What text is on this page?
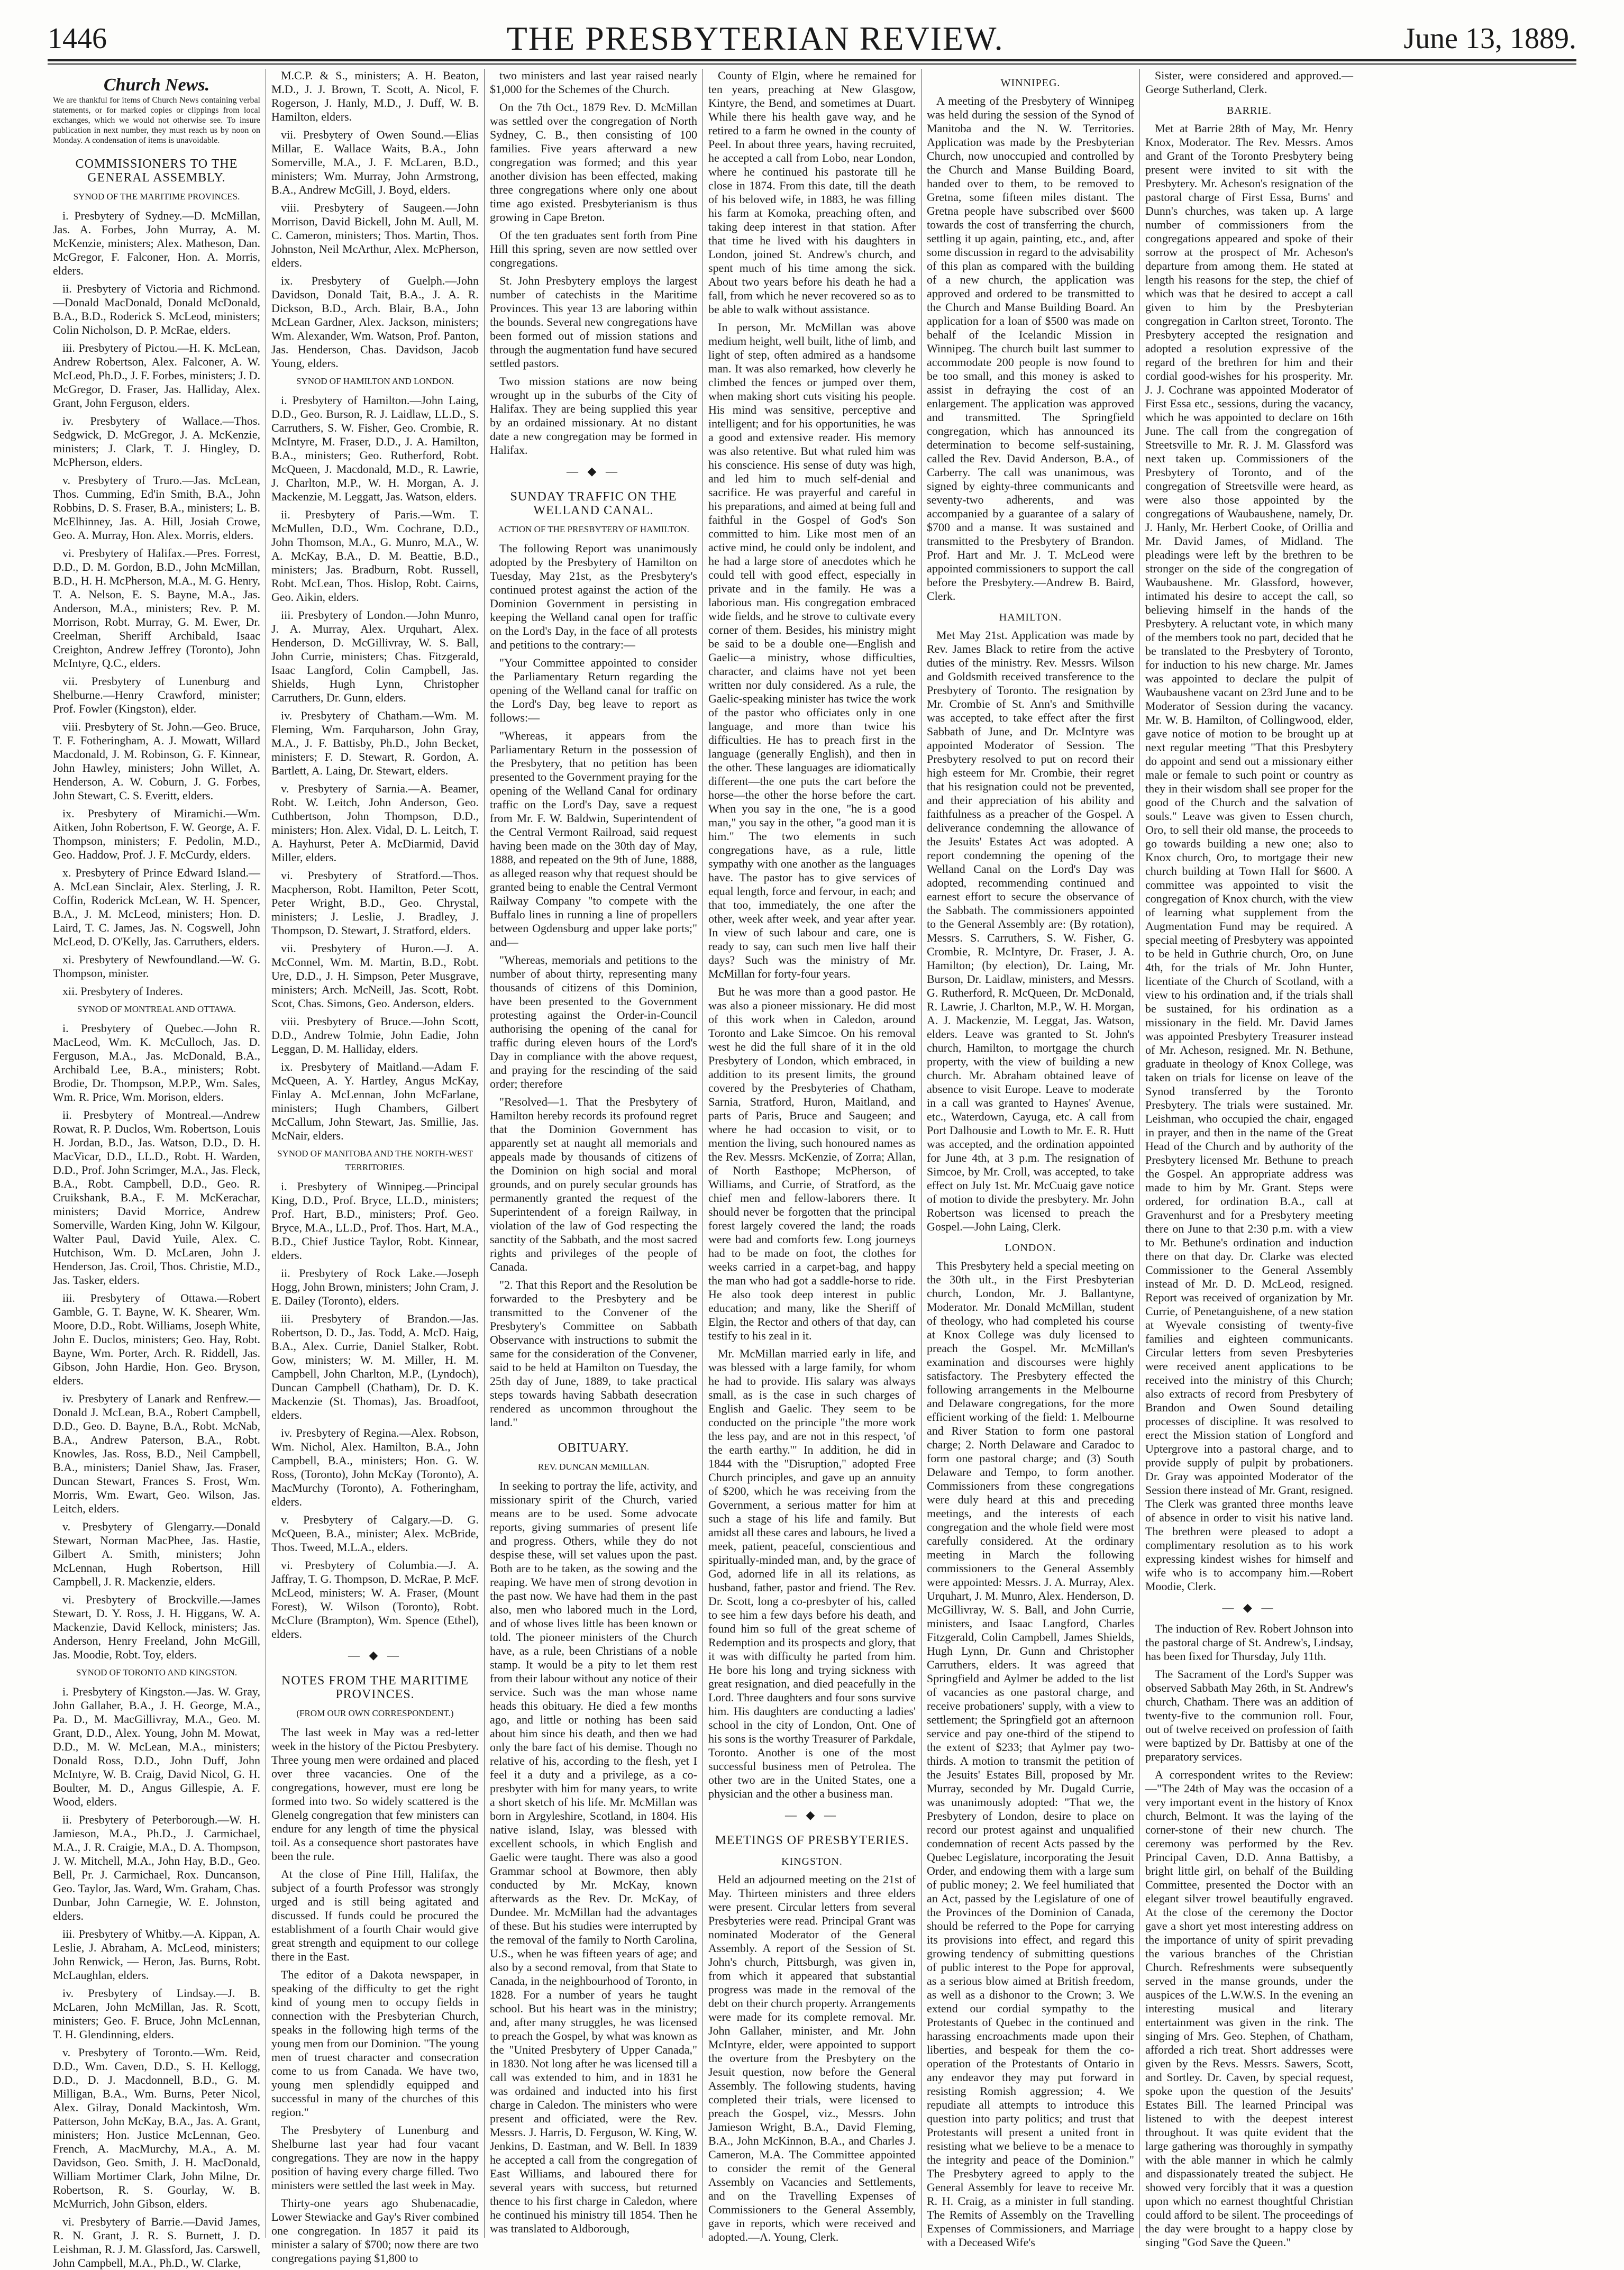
1446	THE PRESBYTERIAN REVIEW.	June 13, 1889.
Church News.
We are thankful for items of Church News containing verbal statements, or for marked copies or clippings from local exchanges, which we would not otherwise see. To insure publication in next number, they must reach us by noon on Monday. A condensation of items is unavoidable.
COMMISSIONERS TO THE GENERAL ASSEMBLY.
SYNOD OF THE MARITIME PROVINCES.

i. Presbytery of Sydney.—D. McMillan, Jas. A. Forbes, John Murray, A. M. McKenzie, ministers; Alex. Matheson, Dan. McGregor, F. Falconer, Hon. A. Morris, elders.

ii. Presbytery of Victoria and Richmond.—Donald MacDonald, Donald McDonald, B.A., B.D., Roderick S. McLeod, ministers; Colin Nicholson, D. P. McRae, elders.

iii. Presbytery of Pictou.—H. K. McLean, Andrew Robertson, Alex. Falconer, A. W. McLeod, Ph.D., J. F. Forbes, ministers; J. D. McGregor, D. Fraser, Jas. Halliday, Alex. Grant, John Ferguson, elders.

iv. Presbytery of Wallace.—Thos. Sedgwick, D. McGregor, J. A. McKenzie, ministers; J. Clark, T. J. Hingley, D. McPherson, elders.

v. Presbytery of Truro.—Jas. McLean, Thos. Cumming, Ed'in Smith, B.A., John Robbins, D. S. Fraser, B.A., ministers; L. B. McElhinney, Jas. A. Hill, Josiah Crowe, Geo. A. Murray, Hon. Alex. Morris, elders.

vi. Presbytery of Halifax.—Pres. Forrest, D.D., D. M. Gordon, B.D., John McMillan, B.D., H. H. McPherson, M.A., M. G. Henry, T. A. Nelson, E. S. Bayne, M.A., Jas. Anderson, M.A., ministers; Rev. P. M. Morrison, Robt. Murray, G. M. Ewer, Dr. Creelman, Sheriff Archibald, Isaac Creighton, Andrew Jeffrey (Toronto), John McIntyre, Q.C., elders.

vii. Presbytery of Lunenburg and Shelburne.—Henry Crawford, minister; Prof. Fowler (Kingston), elder.

viii. Presbytery of St. John.—Geo. Bruce, T. F. Fotheringham, A. J. Mowatt, Willard Macdonald, J. M. Robinson, G. F. Kinnear, John Hawley, ministers; John Willet, A. Henderson, A. W. Coburn, J. G. Forbes, John Stewart, C. S. Everitt, elders.

ix. Presbytery of Miramichi.—Wm. Aitken, John Robertson, F. W. George, A. F. Thompson, ministers; F. Pedolin, M.D., Geo. Haddow, Prof. J. F. McCurdy, elders.

x. Presbytery of Prince Edward Island.—A. McLean Sinclair, Alex. Sterling, J. R. Coffin, Roderick McLean, W. H. Spencer, B.A., J. M. McLeod, ministers; Hon. D. Laird, T. C. James, Jas. N. Cogswell, John McLeod, D. O'Kelly, Jas. Carruthers, elders.

xi. Presbytery of Newfoundland.—W. G. Thompson, minister.

xii. Presbytery of Inderes.

SYNOD OF MONTREAL AND OTTAWA.

i. Presbytery of Quebec.—John R. MacLeod, Wm. K. McCulloch, Jas. D. Ferguson, M.A., Jas. McDonald, B.A., Archibald Lee, B.A., ministers; Robt. Brodie, Dr. Thompson, M.P.P., Wm. Sales, Wm. R. Price, Wm. Morison, elders.

ii. Presbytery of Montreal.—Andrew Rowat, R. P. Duclos, Wm. Robertson, Louis H. Jordan, B.D., Jas. Watson, D.D., D. H. MacVicar, D.D., LL.D., Robt. H. Warden, D.D., Prof. John Scrimger, M.A., Jas. Fleck, B.A., Robt. Campbell, D.D., Geo. R. Cruikshank, B.A., F. M. McKerachar, ministers; David Morrice, Andrew Somerville, Warden King, John W. Kilgour, Walter Paul, David Yuile, Alex. C. Hutchison, Wm. D. McLaren, John J. Henderson, Jas. Croil, Thos. Christie, M.D., Jas. Tasker, elders.

iii. Presbytery of Ottawa.—Robert Gamble, G. T. Bayne, W. K. Shearer, Wm. Moore, D.D., Robt. Williams, Joseph White, John E. Duclos, ministers; Geo. Hay, Robt. Bayne, Wm. Porter, Arch. R. Riddell, Jas. Gibson, John Hardie, Hon. Geo. Bryson, elders.

iv. Presbytery of Lanark and Renfrew.—Donald J. McLean, B.A., Robert Campbell, D.D., Geo. D. Bayne, B.A., Robt. McNab, B.A., Andrew Paterson, B.A., Robt. Knowles, Jas. Ross, B.D., Neil Campbell, B.A., ministers; Daniel Shaw, Jas. Fraser, Duncan Stewart, Frances S. Frost, Wm. Morris, Wm. Ewart, Geo. Wilson, Jas. Leitch, elders.

v. Presbytery of Glengarry.—Donald Stewart, Norman MacPhee, Jas. Hastie, Gilbert A. Smith, ministers; John McLennan, Hugh Robertson, Hill Campbell, J. R. Mackenzie, elders.

vi. Presbytery of Brockville.—James Stewart, D. Y. Ross, J. H. Higgans, W. A. Mackenzie, David Kellock, ministers; Jas. Anderson, Henry Freeland, John McGill, Jas. Moodie, Robt. Toy, elders.

SYNOD OF TORONTO AND KINGSTON.

i. Presbytery of Kingston.—Jas. W. Gray, John Gallaher, B.A., J. H. George, M.A., Pa. D., M. MacGillivray, M.A., Geo. M. Grant, D.D., Alex. Young, John M. Mowat, D.D., M. W. McLean, M.A., ministers; Donald Ross, D.D., John Duff, John McIntyre, W. B. Craig, David Nicol, G. H. Boulter, M. D., Angus Gillespie, A. F. Wood, elders.

ii. Presbytery of Peterborough.—W. H. Jamieson, M.A., Ph.D., J. Carmichael, M.A., J. R. Craigie, M.A., D. A. Thompson, J. W. Mitchell, M.A., John Hay, B.D., Geo. Bell, Pr. J. Carmichael, Rox. Duncanson, Geo. Taylor, Jas. Ward, Wm. Graham, Chas. Dunbar, John Carnegie, W. E. Johnston, elders.

iii. Presbytery of Whitby.—A. Kippan, A. Leslie, J. Abraham, A. McLeod, ministers; John Renwick, — Heron, Jas. Burns, Robt. McLaughlan, elders.

iv. Presbytery of Lindsay.—J. B. McLaren, John McMillan, Jas. R. Scott, ministers; Geo. F. Bruce, John McLennan, T. H. Glendinning, elders.

v. Presbytery of Toronto.—Wm. Reid, D.D., Wm. Caven, D.D., S. H. Kellogg, D.D., D. J. Macdonnell, B.D., G. M. Milligan, B.A., Wm. Burns, Peter Nicol, Alex. Gilray, Donald Mackintosh, Wm. Patterson, John McKay, B.A., Jas. A. Grant, ministers; Hon. Justice McLennan, Geo. French, A. MacMurchy, M.A., A. M. Davidson, Geo. Smith, J. H. MacDonald, William Mortimer Clark, John Milne, Dr. Robertson, R. S. Gourlay, W. B. McMurrich, John Gibson, elders.

vi. Presbytery of Barrie.—David James, R. N. Grant, J. R. S. Burnett, J. D. Leishman, R. J. M. Glassford, Jas. Carswell, John Campbell, M.A., Ph.D., W. Clarke,

M.C.P. & S., ministers; A. H. Beaton, M.D., J. J. Brown, T. Scott, A. Nicol, F. Rogerson, J. Hanly, M.D., J. Duff, W. B. Hamilton, elders.

vii. Presbytery of Owen Sound.—Elias Millar, E. Wallace Waits, B.A., John Somerville, M.A., J. F. McLaren, B.D., ministers; Wm. Murray, John Armstrong, B.A., Andrew McGill, J. Boyd, elders.

viii. Presbytery of Saugeen.—John Morrison, David Bickell, John M. Aull, M. C. Cameron, ministers; Thos. Martin, Thos. Johnston, Neil McArthur, Alex. McPherson, elders.

ix. Presbytery of Guelph.—John Davidson, Donald Tait, B.A., J. A. R. Dickson, B.D., Arch. Blair, B.A., John McLean Gardner, Alex. Jackson, ministers; Wm. Alexander, Wm. Watson, Prof. Panton, Jas. Henderson, Chas. Davidson, Jacob Young, elders.

SYNOD OF HAMILTON AND LONDON.

i. Presbytery of Hamilton.—John Laing, D.D., Geo. Burson, R. J. Laidlaw, LL.D., S. Carruthers, S. W. Fisher, Geo. Crombie, R. McIntyre, M. Fraser, D.D., J. A. Hamilton, B.A., ministers; Geo. Rutherford, Robt. McQueen, J. Macdonald, M.D., R. Lawrie, J. Charlton, M.P., W. H. Morgan, A. J. Mackenzie, M. Leggatt, Jas. Watson, elders.

ii. Presbytery of Paris.—Wm. T. McMullen, D.D., Wm. Cochrane, D.D., John Thomson, M.A., G. Munro, M.A., W. A. McKay, B.A., D. M. Beattie, B.D., ministers; Jas. Bradburn, Robt. Russell, Robt. McLean, Thos. Hislop, Robt. Cairns, Geo. Aikin, elders.

iii. Presbytery of London.—John Munro, J. A. Murray, Alex. Urquhart, Alex. Henderson, D. McGillivray, W. S. Ball, John Currie, ministers; Chas. Fitzgerald, Isaac Langford, Colin Campbell, Jas. Shields, Hugh Lynn, Christopher Carruthers, Dr. Gunn, elders.

iv. Presbytery of Chatham.—Wm. M. Fleming, Wm. Farquharson, John Gray, M.A., J. F. Battisby, Ph.D., John Becket, ministers; F. D. Stewart, R. Gordon, A. Bartlett, A. Laing, Dr. Stewart, elders.

v. Presbytery of Sarnia.—A. Beamer, Robt. W. Leitch, John Anderson, Geo. Cuthbertson, John Thompson, D.D., ministers; Hon. Alex. Vidal, D. L. Leitch, T. A. Hayhurst, Peter A. McDiarmid, David Miller, elders.

vi. Presbytery of Stratford.—Thos. Macpherson, Robt. Hamilton, Peter Scott, Peter Wright, B.D., Geo. Chrystal, ministers; J. Leslie, J. Bradley, J. Thompson, D. Stewart, J. Stratford, elders.

vii. Presbytery of Huron.—J. A. McConnel, Wm. M. Martin, B.D., Robt. Ure, D.D., J. H. Simpson, Peter Musgrave, ministers; Arch. McNeill, Jas. Scott, Robt. Scot, Chas. Simons, Geo. Anderson, elders.

viii. Presbytery of Bruce.—John Scott, D.D., Andrew Tolmie, John Eadie, John Leggan, D. M. Halliday, elders.

ix. Presbytery of Maitland.—Adam F. McQueen, A. Y. Hartley, Angus McKay, Finlay A. McLennan, John McFarlane, ministers; Hugh Chambers, Gilbert McCallum, John Stewart, Jas. Smillie, Jas. McNair, elders.

SYNOD OF MANITOBA AND THE NORTH-WEST TERRITORIES.

i. Presbytery of Winnipeg.—Principal King, D.D., Prof. Bryce, LL.D., ministers; Prof. Hart, B.D., ministers; Prof. Geo. Bryce, M.A., LL.D., Prof. Thos. Hart, M.A., B.D., Chief Justice Taylor, Robt. Kinnear, elders.

ii. Presbytery of Rock Lake.—Joseph Hogg, John Brown, ministers; John Cram, J. E. Dailey (Toronto), elders.

iii. Presbytery of Brandon.—Jas. Robertson, D. D., Jas. Todd, A. McD. Haig, B.A., Alex. Currie, Daniel Stalker, Robt. Gow, ministers; W. M. Miller, H. M. Campbell, John Charlton, M.P., (Lyndoch), Duncan Campbell (Chatham), Dr. D. K. Mackenzie (St. Thomas), Jas. Broadfoot, elders.

iv. Presbytery of Regina.—Alex. Robson, Wm. Nichol, Alex. Hamilton, B.A., John Campbell, B.A., ministers; Hon. G. W. Ross, (Toronto), John McKay (Toronto), A. MacMurchy (Toronto), A. Fotheringham, elders.

v. Presbytery of Calgary.—D. G. McQueen, B.A., minister; Alex. McBride, Thos. Tweed, M.L.A., elders.

vi. Presbytery of Columbia.—J. A. Jaffray, T. G. Thompson, D. McRae, P. McF. McLeod, ministers; W. A. Fraser, (Mount Forest), W. Wilson (Toronto), Robt. McClure (Brampton), Wm. Spence (Ethel), elders.

— ◆ —
NOTES FROM THE MARITIME PROVINCES.
(FROM OUR OWN CORRESPONDENT.)

The last week in May was a red-letter week in the history of the Pictou Presbytery. Three young men were ordained and placed over three vacancies. One of the congregations, however, must ere long be formed into two. So widely scattered is the Glenelg congregation that few ministers can endure for any length of time the physical toil. As a consequence short pastorates have been the rule.

At the close of Pine Hill, Halifax, the subject of a fourth Professor was strongly urged and is still being agitated and discussed. If funds could be procured the establishment of a fourth Chair would give great strength and equipment to our college there in the East.

The editor of a Dakota newspaper, in speaking of the difficulty to get the right kind of young men to occupy fields in connection with the Presbyterian Church, speaks in the following high terms of the young men from our Dominion. "The young men of truest character and consecration come to us from Canada. We have two, young men splendidly equipped and successful in many of the churches of this region."

The Presbytery of Lunenburg and Shelburne last year had four vacant congregations. They are now in the happy position of having every charge filled. Two ministers were settled the last week in May.

Thirty-one years ago Shubenacadie, Lower Stewiacke and Gay's River combined one congregation. In 1857 it paid its minister a salary of $700; now there are two congregations paying $1,800 to

two ministers and last year raised nearly $1,000 for the Schemes of the Church.

On the 7th Oct., 1879 Rev. D. McMillan was settled over the congregation of North Sydney, C. B., then consisting of 100 families. Five years afterward a new congregation was formed; and this year another division has been effected, making three congregations where only one about time ago existed. Presbyterianism is thus growing in Cape Breton.

Of the ten graduates sent forth from Pine Hill this spring, seven are now settled over congregations.

St. John Presbytery employs the largest number of catechists in the Maritime Provinces. This year 13 are laboring within the bounds. Several new congregations have been formed out of mission stations and through the augmentation fund have secured settled pastors.

Two mission stations are now being wrought up in the suburbs of the City of Halifax. They are being supplied this year by an ordained missionary. At no distant date a new congregation may be formed in Halifax.

— ◆ —
SUNDAY TRAFFIC ON THE WELLAND CANAL.
ACTION OF THE PRESBYTERY OF HAMILTON.

The following Report was unanimously adopted by the Presbytery of Hamilton on Tuesday, May 21st, as the Presbytery's continued protest against the action of the Dominion Government in persisting in keeping the Welland canal open for traffic on the Lord's Day, in the face of all protests and petitions to the contrary:—

"Your Committee appointed to consider the Parliamentary Return regarding the opening of the Welland canal for traffic on the Lord's Day, beg leave to report as follows:—

"Whereas, it appears from the Parliamentary Return in the possession of the Presbytery, that no petition has been presented to the Government praying for the opening of the Welland Canal for ordinary traffic on the Lord's Day, save a request from Mr. F. W. Baldwin, Superintendent of the Central Vermont Railroad, said request having been made on the 30th day of May, 1888, and repeated on the 9th of June, 1888, as alleged reason why that request should be granted being to enable the Central Vermont Railway Company "to compete with the Buffalo lines in running a line of propellers between Ogdensburg and upper lake ports;" and—

"Whereas, memorials and petitions to the number of about thirty, representing many thousands of citizens of this Dominion, have been presented to the Government protesting against the Order-in-Council authorising the opening of the canal for traffic during eleven hours of the Lord's Day in compliance with the above request, and praying for the rescinding of the said order; therefore

"Resolved—1. That the Presbytery of Hamilton hereby records its profound regret that the Dominion Government has apparently set at naught all memorials and appeals made by thousands of citizens of the Dominion on high social and moral grounds, and on purely secular grounds has permanently granted the request of the Superintendent of a foreign Railway, in violation of the law of God respecting the sanctity of the Sabbath, and the most sacred rights and privileges of the people of Canada.

"2. That this Report and the Resolution be forwarded to the Presbytery and be transmitted to the Convener of the Presbytery's Committee on Sabbath Observance with instructions to submit the same for the consideration of the Convener, said to be held at Hamilton on Tuesday, the 25th day of June, 1889, to take practical steps towards having Sabbath desecration rendered as uncommon throughout the land."

OBITUARY.
REV. DUNCAN McMILLAN.

In seeking to portray the life, activity, and missionary spirit of the Church, varied means are to be used. Some advocate reports, giving summaries of present life and progress. Others, while they do not despise these, will set values upon the past. Both are to be taken, as the sowing and the reaping. We have men of strong devotion in the past now. We have had them in the past also, men who labored much in the Lord, and of whose lives little has been known or told. The pioneer ministers of the Church have, as a rule, been Christians of a noble stamp. It would be a pity to let them rest from their labour without any notice of their service. Such was the man whose name heads this obituary. He died a few months ago, and little or nothing has been said about him since his death, and then we had only the bare fact of his demise. Though no relative of his, according to the flesh, yet I feel it a duty and a privilege, as a co-presbyter with him for many years, to write a short sketch of his life. Mr. McMillan was born in Argyleshire, Scotland, in 1804. His native island, Islay, was blessed with excellent schools, in which English and Gaelic were taught. There was also a good Grammar school at Bowmore, then ably conducted by Mr. McKay, known afterwards as the Rev. Dr. McKay, of Dundee. Mr. McMillan had the advantages of these. But his studies were interrupted by the removal of the family to North Carolina, U.S., when he was fifteen years of age; and also by a second removal, from that State to Canada, in the neighbourhood of Toronto, in 1828. For a number of years he taught school. But his heart was in the ministry; and, after many struggles, he was licensed to preach the Gospel, by what was known as the "United Presbytery of Upper Canada," in 1830. Not long after he was licensed till a call was extended to him, and in 1831 he was ordained and inducted into his first charge in Caledon. The ministers who were present and officiated, were the Rev. Messrs. J. Harris, D. Ferguson, W. King, W. Jenkins, D. Eastman, and W. Bell. In 1839 he accepted a call from the congregation of East Williams, and laboured there for several years with success, but returned thence to his first charge in Caledon, where he continued his ministry till 1854. Then he was translated to Aldborough,

County of Elgin, where he remained for ten years, preaching at New Glasgow, Kintyre, the Bend, and sometimes at Duart. While there his health gave way, and he retired to a farm he owned in the county of Peel. In about three years, having recruited, he accepted a call from Lobo, near London, where he continued his pastorate till he close in 1874. From this date, till the death of his beloved wife, in 1883, he was filling his farm at Komoka, preaching often, and taking deep interest in that station. After that time he lived with his daughters in London, joined St. Andrew's church, and spent much of his time among the sick. About two years before his death he had a fall, from which he never recovered so as to be able to walk without assistance.

In person, Mr. McMillan was above medium height, well built, lithe of limb, and light of step, often admired as a handsome man. It was also remarked, how cleverly he climbed the fences or jumped over them, when making short cuts visiting his people. His mind was sensitive, perceptive and intelligent; and for his opportunities, he was a good and extensive reader. His memory was also retentive. But what ruled him was his conscience. His sense of duty was high, and led him to much self-denial and sacrifice. He was prayerful and careful in his preparations, and aimed at being full and faithful in the Gospel of God's Son committed to him. Like most men of an active mind, he could only be indolent, and he had a large store of anecdotes which he could tell with good effect, especially in private and in the family. He was a laborious man. His congregation embraced wide fields, and he strove to cultivate every corner of them. Besides, his ministry might be said to be a double one—English and Gaelic—a ministry, whose difficulties, character, and claims have not yet been written nor duly considered. As a rule, the Gaelic-speaking minister has twice the work of the pastor who officiates only in one language, and more than twice his difficulties. He has to preach first in the language (generally English), and then in the other. These languages are idiomatically different—the one puts the cart before the horse—the other the horse before the cart. When you say in the one, "he is a good man," you say in the other, "a good man it is him." The two elements in such congregations have, as a rule, little sympathy with one another as the languages have. The pastor has to give services of equal length, force and fervour, in each; and that too, immediately, the one after the other, week after week, and year after year. In view of such labour and care, one is ready to say, can such men live half their days? Such was the ministry of Mr. McMillan for forty-four years.

But he was more than a good pastor. He was also a pioneer missionary. He did most of this work when in Caledon, around Toronto and Lake Simcoe. On his removal west he did the full share of it in the old Presbytery of London, which embraced, in addition to its present limits, the ground covered by the Presbyteries of Chatham, Sarnia, Stratford, Huron, Maitland, and parts of Paris, Bruce and Saugeen; and where he had occasion to visit, or to mention the living, such honoured names as the Rev. Messrs. McKenzie, of Zorra; Allan, of North Easthope; McPherson, of Williams, and Currie, of Stratford, as the chief men and fellow-laborers there. It should never be forgotten that the principal forest largely covered the land; the roads were bad and comforts few. Long journeys had to be made on foot, the clothes for weeks carried in a carpet-bag, and happy the man who had got a saddle-horse to ride. He also took deep interest in public education; and many, like the Sheriff of Elgin, the Rector and others of that day, can testify to his zeal in it.

Mr. McMillan married early in life, and was blessed with a large family, for whom he had to provide. His salary was always small, as is the case in such charges of English and Gaelic. They seem to be conducted on the principle "the more work the less pay, and are not in this respect, 'of the earth earthy.'" In addition, he did in 1844 with the "Disruption," adopted Free Church principles, and gave up an annuity of $200, which he was receiving from the Government, a serious matter for him at such a stage of his life and family. But amidst all these cares and labours, he lived a meek, patient, peaceful, conscientious and spiritually-minded man, and, by the grace of God, adorned life in all its relations, as husband, father, pastor and friend. The Rev. Dr. Scott, long a co-presbyter of his, called to see him a few days before his death, and found him so full of the great scheme of Redemption and its prospects and glory, that it was with difficulty he parted from him. He bore his long and trying sickness with great resignation, and died peacefully in the Lord. Three daughters and four sons survive him. His daughters are conducting a ladies' school in the city of London, Ont. One of his sons is the worthy Treasurer of Parkdale, Toronto. Another is one of the most successful business men of Petrolea. The other two are in the United States, one a physician and the other a business man.

— ◆ —
MEETINGS OF PRESBYTERIES.
KINGSTON.

Held an adjourned meeting on the 21st of May. Thirteen ministers and three elders were present. Circular letters from several Presbyteries were read. Principal Grant was nominated Moderator of the General Assembly. A report of the Session of St. John's church, Pittsburgh, was given in, from which it appeared that substantial progress was made in the removal of the debt on their church property. Arrangements were made for its complete removal. Mr. John Gallaher, minister, and Mr. John McIntyre, elder, were appointed to support the overture from the Presbytery on the Jesuit question, now before the General Assembly. The following students, having completed their trials, were licensed to preach the Gospel, viz., Messrs. John Jamieson Wright, B.A., David Fleming, B.A., John McKinnon, B.A., and Charles J. Cameron, M.A. The Committee appointed to consider the remit of the General Assembly on Vacancies and Settlements, and on the Travelling Expenses of Commissioners to the General Assembly, gave in reports, which were received and adopted.—A. Young, Clerk.

WINNIPEG.

A meeting of the Presbytery of Winnipeg was held during the session of the Synod of Manitoba and the N. W. Territories. Application was made by the Presbyterian Church, now unoccupied and controlled by the Church and Manse Building Board, handed over to them, to be removed to Gretna, some fifteen miles distant. The Gretna people have subscribed over $600 towards the cost of transferring the church, settling it up again, painting, etc., and, after some discussion in regard to the advisability of this plan as compared with the building of a new church, the application was approved and ordered to be transmitted to the Church and Manse Building Board. An application for a loan of $500 was made on behalf of the Icelandic Mission in Winnipeg. The church built last summer to accommodate 200 people is now found to be too small, and this money is asked to assist in defraying the cost of an enlargement. The application was approved and transmitted. The Springfield congregation, which has announced its determination to become self-sustaining, called the Rev. David Anderson, B.A., of Carberry. The call was unanimous, was signed by eighty-three communicants and seventy-two adherents, and was accompanied by a guarantee of a salary of $700 and a manse. It was sustained and transmitted to the Presbytery of Brandon. Prof. Hart and Mr. J. T. McLeod were appointed commissioners to support the call before the Presbytery.—Andrew B. Baird, Clerk.

HAMILTON.

Met May 21st. Application was made by Rev. James Black to retire from the active duties of the ministry. Rev. Messrs. Wilson and Goldsmith received transference to the Presbytery of Toronto. The resignation by Mr. Crombie of St. Ann's and Smithville was accepted, to take effect after the first Sabbath of June, and Dr. McIntyre was appointed Moderator of Session. The Presbytery resolved to put on record their high esteem for Mr. Crombie, their regret that his resignation could not be prevented, and their appreciation of his ability and faithfulness as a preacher of the Gospel. A deliverance condemning the allowance of the Jesuits' Estates Act was adopted. A report condemning the opening of the Welland Canal on the Lord's Day was adopted, recommending continued and earnest effort to secure the observance of the Sabbath. The commissioners appointed to the General Assembly are: (By rotation), Messrs. S. Carruthers, S. W. Fisher, G. Crombie, R. McIntyre, Dr. Fraser, J. A. Hamilton; (by election), Dr. Laing, Mr. Burson, Dr. Laidlaw, ministers, and Messrs. G. Rutherford, R. McQueen, Dr. McDonald, R. Lawrie, J. Charlton, M.P., W. H. Morgan, A. J. Mackenzie, M. Leggat, Jas. Watson, elders. Leave was granted to St. John's church, Hamilton, to mortgage the church property, with the view of building a new church. Mr. Abraham obtained leave of absence to visit Europe. Leave to moderate in a call was granted to Haynes' Avenue, etc., Waterdown, Cayuga, etc. A call from Port Dalhousie and Lowth to Mr. E. R. Hutt was accepted, and the ordination appointed for June 4th, at 3 p.m. The resignation of Simcoe, by Mr. Croll, was accepted, to take effect on July 1st. Mr. McCuaig gave notice of motion to divide the presbytery. Mr. John Robertson was licensed to preach the Gospel.—John Laing, Clerk.

LONDON.

This Presbytery held a special meeting on the 30th ult., in the First Presbyterian church, London, Mr. J. Ballantyne, Moderator. Mr. Donald McMillan, student of theology, who had completed his course at Knox College was duly licensed to preach the Gospel. Mr. McMillan's examination and discourses were highly satisfactory. The Presbytery effected the following arrangements in the Melbourne and Delaware congregations, for the more efficient working of the field: 1. Melbourne and River Station to form one pastoral charge; 2. North Delaware and Caradoc to form one pastoral charge; and (3) South Delaware and Tempo, to form another. Commissioners from these congregations were duly heard at this and preceding meetings, and the interests of each congregation and the whole field were most carefully considered. At the ordinary meeting in March the following commissioners to the General Assembly were appointed: Messrs. J. A. Murray, Alex. Urquhart, J. M. Munro, Alex. Henderson, D. McGillivray, W. S. Ball, and John Currie, ministers, and Isaac Langford, Charles Fitzgerald, Colin Campbell, James Shields, Hugh Lynn, Dr. Gunn and Christopher Carruthers, elders. It was agreed that Springfield and Aylmer be added to the list of vacancies as one pastoral charge, and receive probationers' supply, with a view to settlement; the Springfield got an afternoon service and pay one-third of the stipend to the extent of $233; that Aylmer pay two-thirds. A motion to transmit the petition of the Jesuits' Estates Bill, proposed by Mr. Murray, seconded by Mr. Dugald Currie, was unanimously adopted: "That we, the Presbytery of London, desire to place on record our protest against and unqualified condemnation of recent Acts passed by the Quebec Legislature, incorporating the Jesuit Order, and endowing them with a large sum of public money; 2. We feel humiliated that an Act, passed by the Legislature of one of the Provinces of the Dominion of Canada, should be referred to the Pope for carrying its provisions into effect, and regard this growing tendency of submitting questions of public interest to the Pope for approval, as a serious blow aimed at British freedom, as well as a dishonor to the Crown; 3. We extend our cordial sympathy to the Protestants of Quebec in the continued and harassing encroachments made upon their liberties, and bespeak for them the co-operation of the Protestants of Ontario in any endeavor they may put forward in resisting Romish aggression; 4. We repudiate all attempts to introduce this question into party politics; and trust that Protestants will present a united front in resisting what we believe to be a menace to the integrity and peace of the Dominion." The Presbytery agreed to apply to the General Assembly for leave to receive Mr. R. H. Craig, as a minister in full standing. The Remits of Assembly on the Travelling Expenses of Commissioners, and Marriage with a Deceased Wife's

Sister, were considered and approved.—George Sutherland, Clerk.

BARRIE.

Met at Barrie 28th of May, Mr. Henry Knox, Moderator. The Rev. Messrs. Amos and Grant of the Toronto Presbytery being present were invited to sit with the Presbytery. Mr. Acheson's resignation of the pastoral charge of First Essa, Burns' and Dunn's churches, was taken up. A large number of commissioners from the congregations appeared and spoke of their sorrow at the prospect of Mr. Acheson's departure from among them. He stated at length his reasons for the step, the chief of which was that he desired to accept a call given to him by the Presbyterian congregation in Carlton street, Toronto. The Presbytery accepted the resignation and adopted a resolution expressive of the regard of the brethren for him and their cordial good-wishes for his prosperity. Mr. J. J. Cochrane was appointed Moderator of First Essa etc., sessions, during the vacancy, which he was appointed to declare on 16th June. The call from the congregation of Streetsville to Mr. R. J. M. Glassford was next taken up. Commissioners of the Presbytery of Toronto, and of the congregation of Streetsville were heard, as were also those appointed by the congregations of Waubaushene, namely, Dr. J. Hanly, Mr. Herbert Cooke, of Orillia and Mr. David James, of Midland. The pleadings were left by the brethren to be stronger on the side of the congregation of Waubaushene. Mr. Glassford, however, intimated his desire to accept the call, so believing himself in the hands of the Presbytery. A reluctant vote, in which many of the members took no part, decided that he be translated to the Presbytery of Toronto, for induction to his new charge. Mr. James was appointed to declare the pulpit of Waubaushene vacant on 23rd June and to be Moderator of Session during the vacancy. Mr. W. B. Hamilton, of Collingwood, elder, gave notice of motion to be brought up at next regular meeting "That this Presbytery do appoint and send out a missionary either male or female to such point or country as they in their wisdom shall see proper for the good of the Church and the salvation of souls." Leave was given to Essen church, Oro, to sell their old manse, the proceeds to go towards building a new one; also to Knox church, Oro, to mortgage their new church building at Town Hall for $600. A committee was appointed to visit the congregation of Knox church, with the view of learning what supplement from the Augmentation Fund may be required. A special meeting of Presbytery was appointed to be held in Guthrie church, Oro, on June 4th, for the trials of Mr. John Hunter, licentiate of the Church of Scotland, with a view to his ordination and, if the trials shall be sustained, for his ordination as a missionary in the field. Mr. David James was appointed Presbytery Treasurer instead of Mr. Acheson, resigned. Mr. N. Bethune, graduate in theology of Knox College, was taken on trials for license on leave of the Synod transferred by the Toronto Presbytery. The trials were sustained. Mr. Leishman, who occupied the chair, engaged in prayer, and then in the name of the Great Head of the Church and by authority of the Presbytery licensed Mr. Bethune to preach the Gospel. An appropriate address was made to him by Mr. Grant. Steps were ordered, for ordination B.A., call at Gravenhurst and for a Presbytery meeting there on June to that 2:30 p.m. with a view to Mr. Bethune's ordination and induction there on that day. Dr. Clarke was elected Commissioner to the General Assembly instead of Mr. D. D. McLeod, resigned. Report was received of organization by Mr. Currie, of Penetanguishene, of a new station at Wyevale consisting of twenty-five families and eighteen communicants. Circular letters from seven Presbyteries were received anent applications to be received into the ministry of this Church; also extracts of record from Presbytery of Brandon and Owen Sound detailing processes of discipline. It was resolved to erect the Mission station of Longford and Uptergrove into a pastoral charge, and to provide supply of pulpit by probationers. Dr. Gray was appointed Moderator of the Session there instead of Mr. Grant, resigned. The Clerk was granted three months leave of absence in order to visit his native land. The brethren were pleased to adopt a complimentary resolution as to his work expressing kindest wishes for himself and wife who is to accompany him.—Robert Moodie, Clerk.

— ◆ —

The induction of Rev. Robert Johnson into the pastoral charge of St. Andrew's, Lindsay, has been fixed for Thursday, July 11th.

The Sacrament of the Lord's Supper was observed Sabbath May 26th, in St. Andrew's church, Chatham. There was an addition of twenty-five to the communion roll. Four, out of twelve received on profession of faith were baptized by Dr. Battisby at one of the preparatory services.

A correspondent writes to the Review:—"The 24th of May was the occasion of a very important event in the history of Knox church, Belmont. It was the laying of the corner-stone of their new church. The ceremony was performed by the Rev. Principal Caven, D.D. Anna Battisby, a bright little girl, on behalf of the Building Committee, presented the Doctor with an elegant silver trowel beautifully engraved. At the close of the ceremony the Doctor gave a short yet most interesting address on the importance of unity of spirit prevading the various branches of the Christian Church. Refreshments were subsequently served in the manse grounds, under the auspices of the L.W.W.S. In the evening an interesting musical and literary entertainment was given in the rink. The singing of Mrs. Geo. Stephen, of Chatham, afforded a rich treat. Short addresses were given by the Revs. Messrs. Sawers, Scott, and Sortley. Dr. Caven, by special request, spoke upon the question of the Jesuits' Estates Bill. The learned Principal was listened to with the deepest interest throughout. It was quite evident that the large gathering was thoroughly in sympathy with the able manner in which he calmly and dispassionately treated the subject. He showed very forcibly that it was a question upon which no earnest thoughtful Christian could afford to be silent. The proceedings of the day were brought to a happy close by singing "God Save the Queen."
